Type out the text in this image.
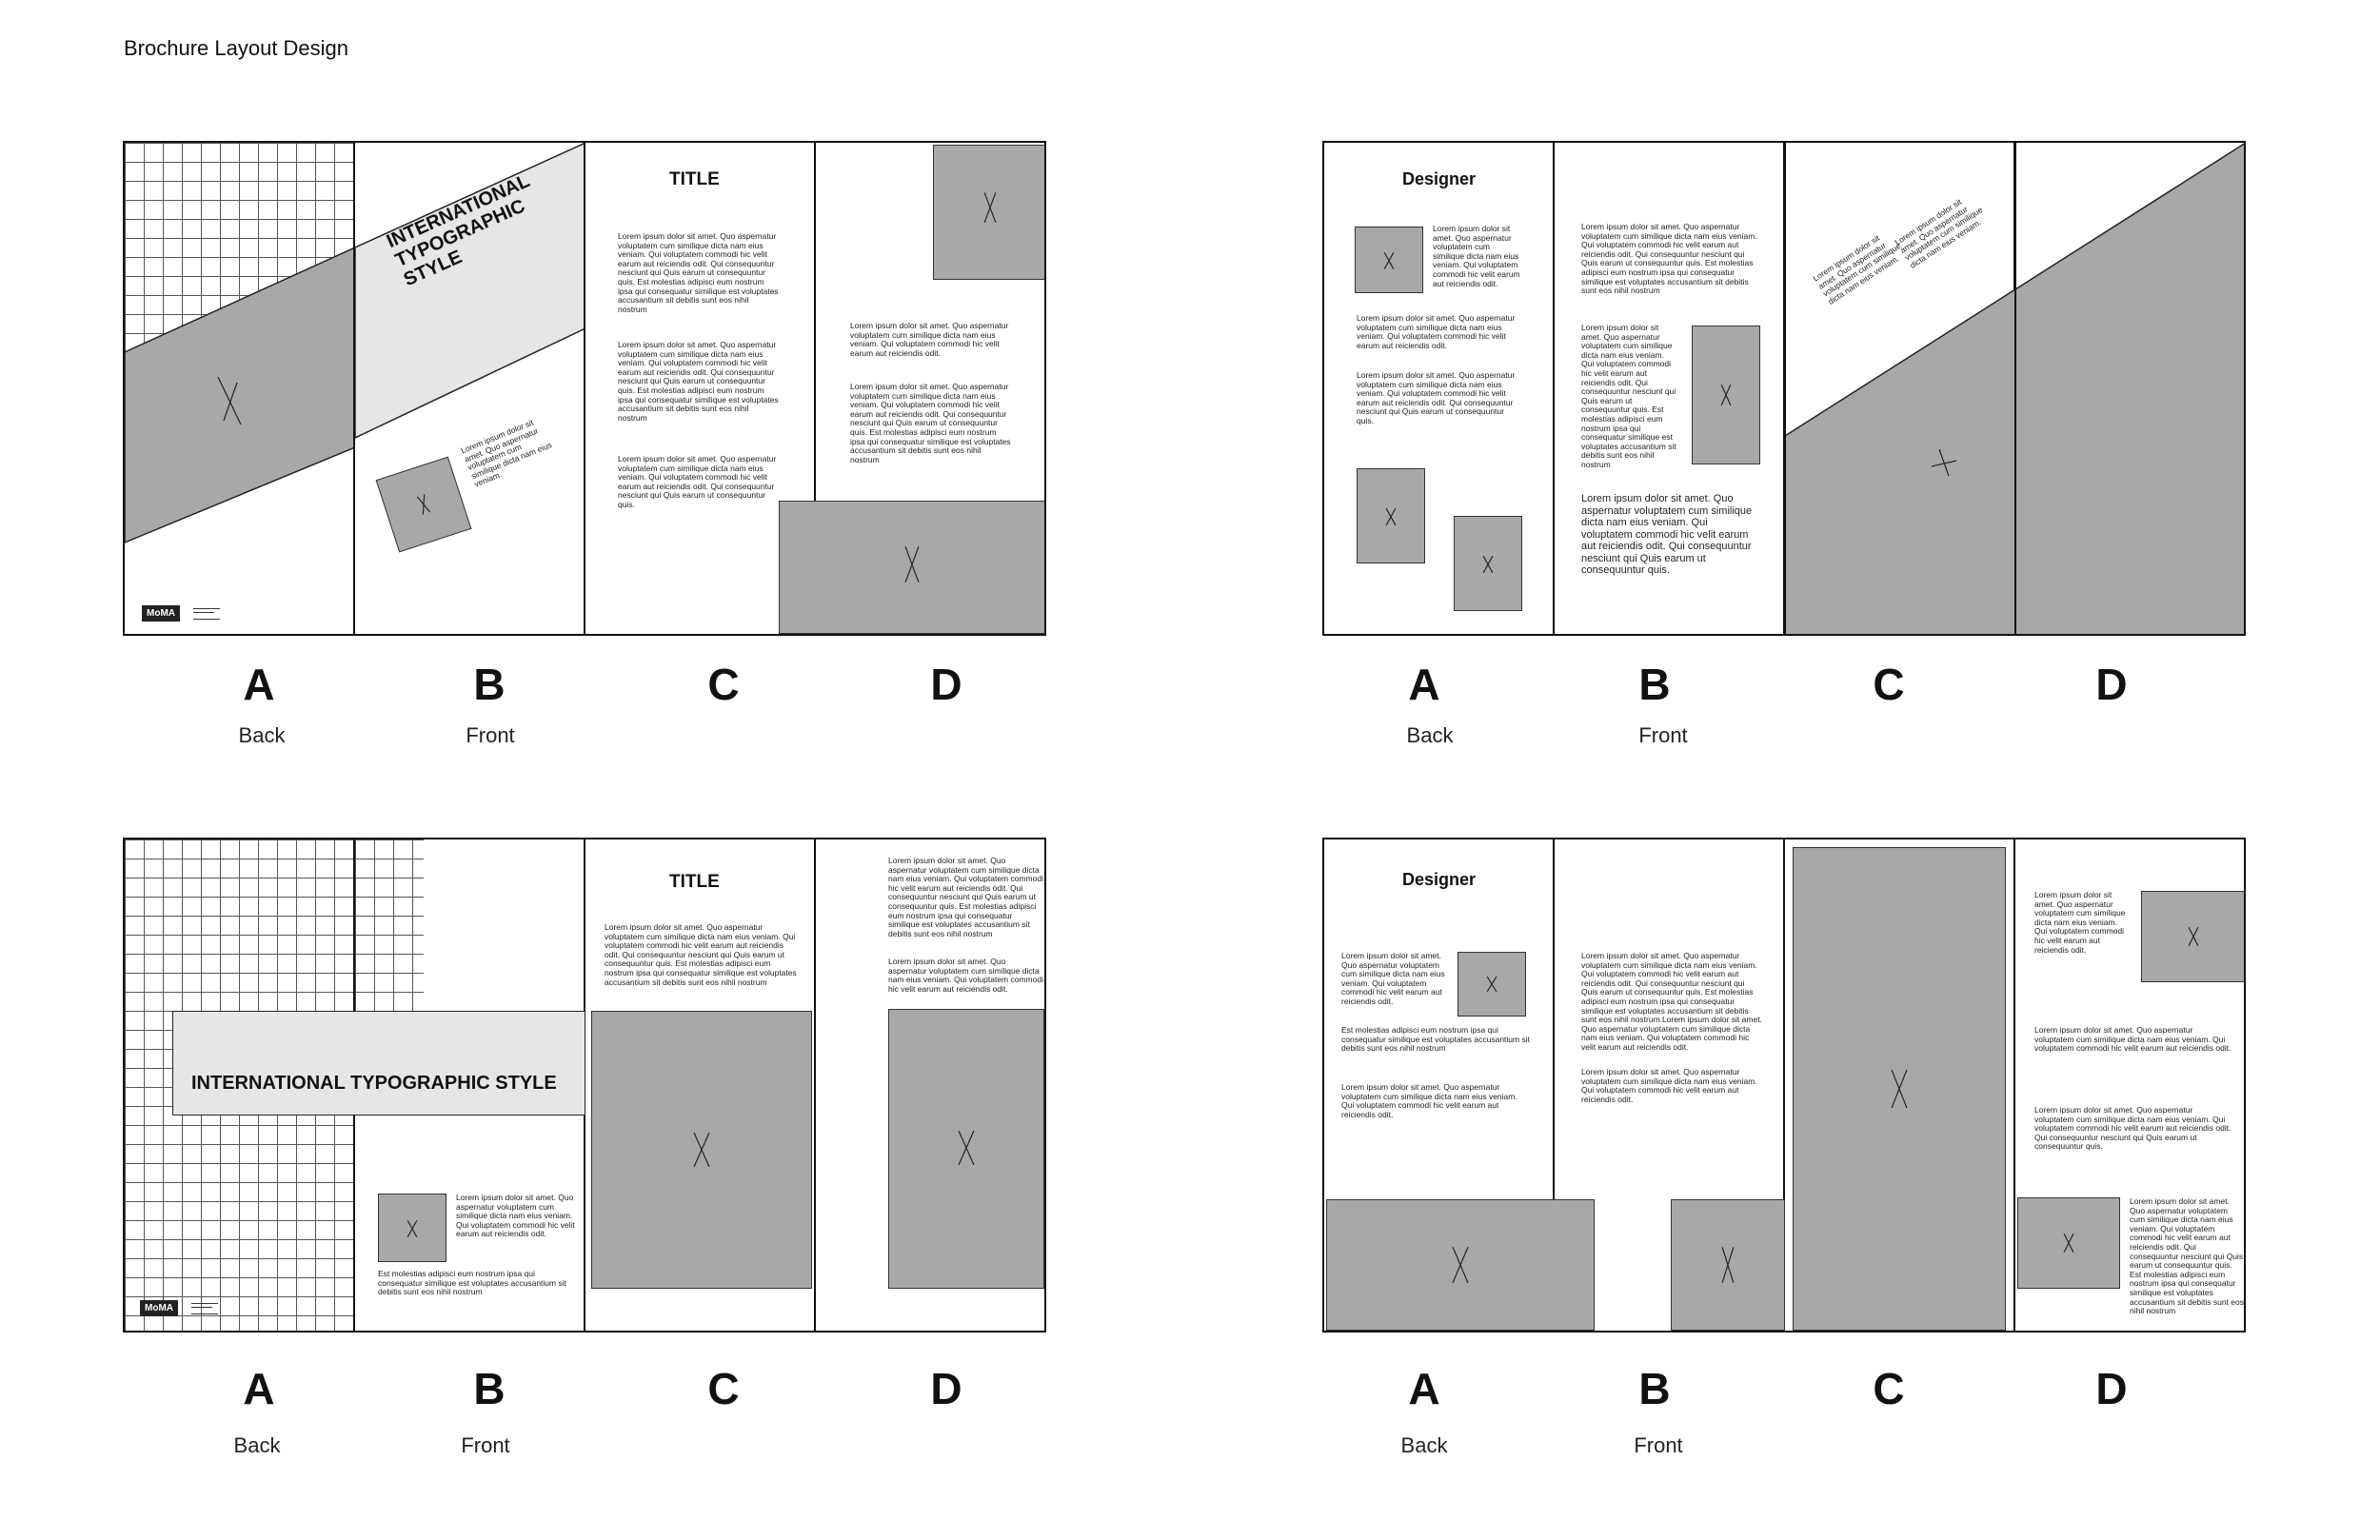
Brochure Layout Design
MoMA
INTERNATIONAL
TYPOGRAPHIC
STYLE
Lorem ipsum dolor sit amet. Quo aspernatur voluptatem cum similique dicta nam eius veniam.
TITLE
Lorem ipsum dolor sit amet. Quo aspernatur voluptatem cum similique dicta nam eius veniam. Qui voluptatem commodi hic velit earum aut reiciendis odit. Qui consequuntur nesciunt qui Quis earum ut consequuntur quis. Est molestias adipisci eum nostrum ipsa qui consequatur similique est voluptates accusantium sit debitis sunt eos nihil nostrum
Lorem ipsum dolor sit amet. Quo aspernatur voluptatem cum similique dicta nam eius veniam. Qui voluptatem commodi hic velit earum aut reiciendis odit. Qui consequuntur nesciunt qui Quis earum ut consequuntur quis. Est molestias adipisci eum nostrum ipsa qui consequatur similique est voluptates accusantium sit debitis sunt eos nihil nostrum
Lorem ipsum dolor sit amet. Quo aspernatur voluptatem cum similique dicta nam eius veniam. Qui voluptatem commodi hic velit earum aut reiciendis odit. Qui consequuntur nesciunt qui Quis earum ut consequuntur quis.
Lorem ipsum dolor sit amet. Quo aspernatur voluptatem cum similique dicta nam eius veniam. Qui voluptatem commodi hic velit earum aut reiciendis odit.
Lorem ipsum dolor sit amet. Quo aspernatur voluptatem cum similique dicta nam eius veniam. Qui voluptatem commodi hic velit earum aut reiciendis odit. Qui consequuntur nesciunt qui Quis earum ut consequuntur quis. Est molestias adipisci eum nostrum ipsa qui consequatur similique est voluptates accusantium sit debitis sunt eos nihil nostrum
Designer
Lorem ipsum dolor sit amet. Quo aspernatur voluptatem cum similique dicta nam eius veniam. Qui voluptatem commodi hic velit earum aut reiciendis odit.
Lorem ipsum dolor sit amet. Quo aspernatur voluptatem cum similique dicta nam eius veniam. Qui voluptatem commodi hic velit earum aut reiciendis odit.
Lorem ipsum dolor sit amet. Quo aspernatur voluptatem cum similique dicta nam eius veniam. Qui voluptatem commodi hic velit earum aut reiciendis odit. Qui consequuntur nesciunt qui Quis earum ut consequuntur quis.
Lorem ipsum dolor sit amet. Quo aspernatur voluptatem cum similique dicta nam eius veniam. Qui voluptatem commodi hic velit earum aut reiciendis odit. Qui consequuntur nesciunt qui Quis earum ut consequuntur quis. Est molestias adipisci eum nostrum ipsa qui consequatur similique est voluptates accusantium sit debitis sunt eos nihil nostrum
Lorem ipsum dolor sit amet. Quo aspernatur voluptatem cum similique dicta nam eius veniam. Qui voluptatem commodi hic velit earum aut reiciendis odit. Qui consequuntur nesciunt qui Quis earum ut consequuntur quis. Est molestias adipisci eum nostrum ipsa qui consequatur similique est voluptates accusantium sit debitis sunt eos nihil nostrum
Lorem ipsum dolor sit amet. Quo aspernatur voluptatem cum similique dicta nam eius veniam. Qui voluptatem commodi hic velit earum aut reiciendis odit. Qui consequuntur nesciunt qui Quis earum ut consequuntur quis.
Lorem ipsum dolor sit amet. Quo aspernatur voluptatem cum similique dicta nam eius veniam.
Lorem ipsum dolor sit amet. Quo aspernatur voluptatem cum similique dicta nam eius veniam.
MoMA
Lorem ipsum dolor sit amet. Quo aspernatur voluptatem cum similique dicta nam eius veniam. Qui voluptatem commodi hic velit earum aut reiciendis odit.
Est molestias adipisci eum nostrum ipsa qui consequatur similique est voluptates accusantium sit debitis sunt eos nihil nostrum
INTERNATIONAL TYPOGRAPHIC STYLE
TITLE
Lorem ipsum dolor sit amet. Quo aspernatur voluptatem cum similique dicta nam eius veniam. Qui voluptatem commodi hic velit earum aut reiciendis odit. Qui consequuntur nesciunt qui Quis earum ut consequuntur quis. Est molestias adipisci eum nostrum ipsa qui consequatur similique est voluptates accusantium sit debitis sunt eos nihil nostrum
Lorem ipsum dolor sit amet. Quo aspernatur voluptatem cum similique dicta nam eius veniam. Qui voluptatem commodi hic velit earum aut reiciendis odit. Qui consequuntur nesciunt qui Quis earum ut consequuntur quis. Est molestias adipisci eum nostrum ipsa qui consequatur similique est voluptates accusantium sit debitis sunt eos nihil nostrum
Lorem ipsum dolor sit amet. Quo aspernatur voluptatem cum similique dicta nam eius veniam. Qui voluptatem commodi hic velit earum aut reiciendis odit.
Designer
Lorem ipsum dolor sit amet. Quo aspernatur voluptatem cum similique dicta nam eius veniam. Qui voluptatem commodi hic velit earum aut reiciendis odit.
Est molestias adipisci eum nostrum ipsa qui consequatur similique est voluptates accusantium sit debitis sunt eos nihil nostrum
Lorem ipsum dolor sit amet. Quo aspernatur voluptatem cum similique dicta nam eius veniam. Qui voluptatem commodi hic velit earum aut reiciendis odit.
Lorem ipsum dolor sit amet. Quo aspernatur voluptatem cum similique dicta nam eius veniam. Qui voluptatem commodi hic velit earum aut reiciendis odit. Qui consequuntur nesciunt qui Quis earum ut consequuntur quis. Est molestias adipisci eum nostrum ipsa qui consequatur similique est voluptates accusantium sit debitis sunt eos nihil nostrum.Lorem ipsum dolor sit amet. Quo aspernatur voluptatem cum similique dicta nam eius veniam. Qui voluptatem commodi hic velit earum aut reiciendis odit.
Lorem ipsum dolor sit amet. Quo aspernatur voluptatem cum similique dicta nam eius veniam. Qui voluptatem commodi hic velit earum aut reiciendis odit.
Lorem ipsum dolor sit amet. Quo aspernatur voluptatem cum similique dicta nam eius veniam. Qui voluptatem commodi hic velit earum aut reiciendis odit.
Lorem ipsum dolor sit amet. Quo aspernatur voluptatem cum similique dicta nam eius veniam. Qui voluptatem commodi hic velit earum aut reiciendis odit.
Lorem ipsum dolor sit amet. Quo aspernatur voluptatem cum similique dicta nam eius veniam. Qui voluptatem commodi hic velit earum aut reiciendis odit. Qui consequuntur nesciunt qui Quis earum ut consequuntur quis.
Lorem ipsum dolor sit amet. Quo aspernatur voluptatem cum similique dicta nam eius veniam. Qui voluptatem commodi hic velit earum aut reiciendis odit. Qui consequuntur nesciunt qui Quis earum ut consequuntur quis. Est molestias adipisci eum nostrum ipsa qui consequatur similique est voluptates accusantium sit debitis sunt eos nihil nostrum
A	B	C	D
Back	Front
A	B	C	D
Back	Front
A	B	C	D
Back	Front
A	B	C	D
Back	Front
